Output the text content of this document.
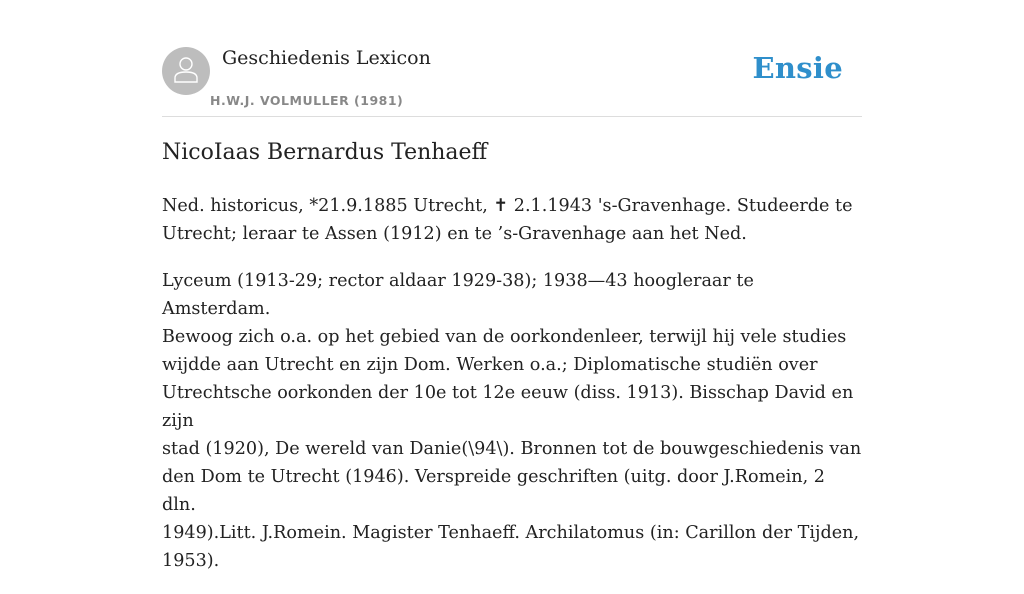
Geschiedenis Lexicon
H.W.J. VOLMULLER (1981)
Ensie
NicoIaas Bernardus Tenhaeff

Ned. historicus, *21.9.1885 Utrecht, ✝ 2.1.1943 's-Gravenhage. Studeerde te
Utrecht; leraar te Assen (1912) en te ’s-Gravenhage aan het Ned.

Lyceum (1913-29; rector aldaar 1929-38); 1938—43 hoogleraar te Amsterdam.
Bewoog zich o.a. op het gebied van de oorkondenleer, terwijl hij vele studies
wijdde aan Utrecht en zijn Dom. Werken o.a.; Diplomatische studiën over
Utrechtsche oorkonden der 10e tot 12e eeuw (diss. 1913). Bisschap David en zijn
stad (1920), De wereld van Danie(\94\). Bronnen tot de bouwgeschiedenis van
den Dom te Utrecht (1946). Verspreide geschriften (uitg. door J.Romein, 2 dln.
1949).Litt. J.Romein. Magister Tenhaeff. Archilatomus (in: Carillon der Tijden,
1953).
